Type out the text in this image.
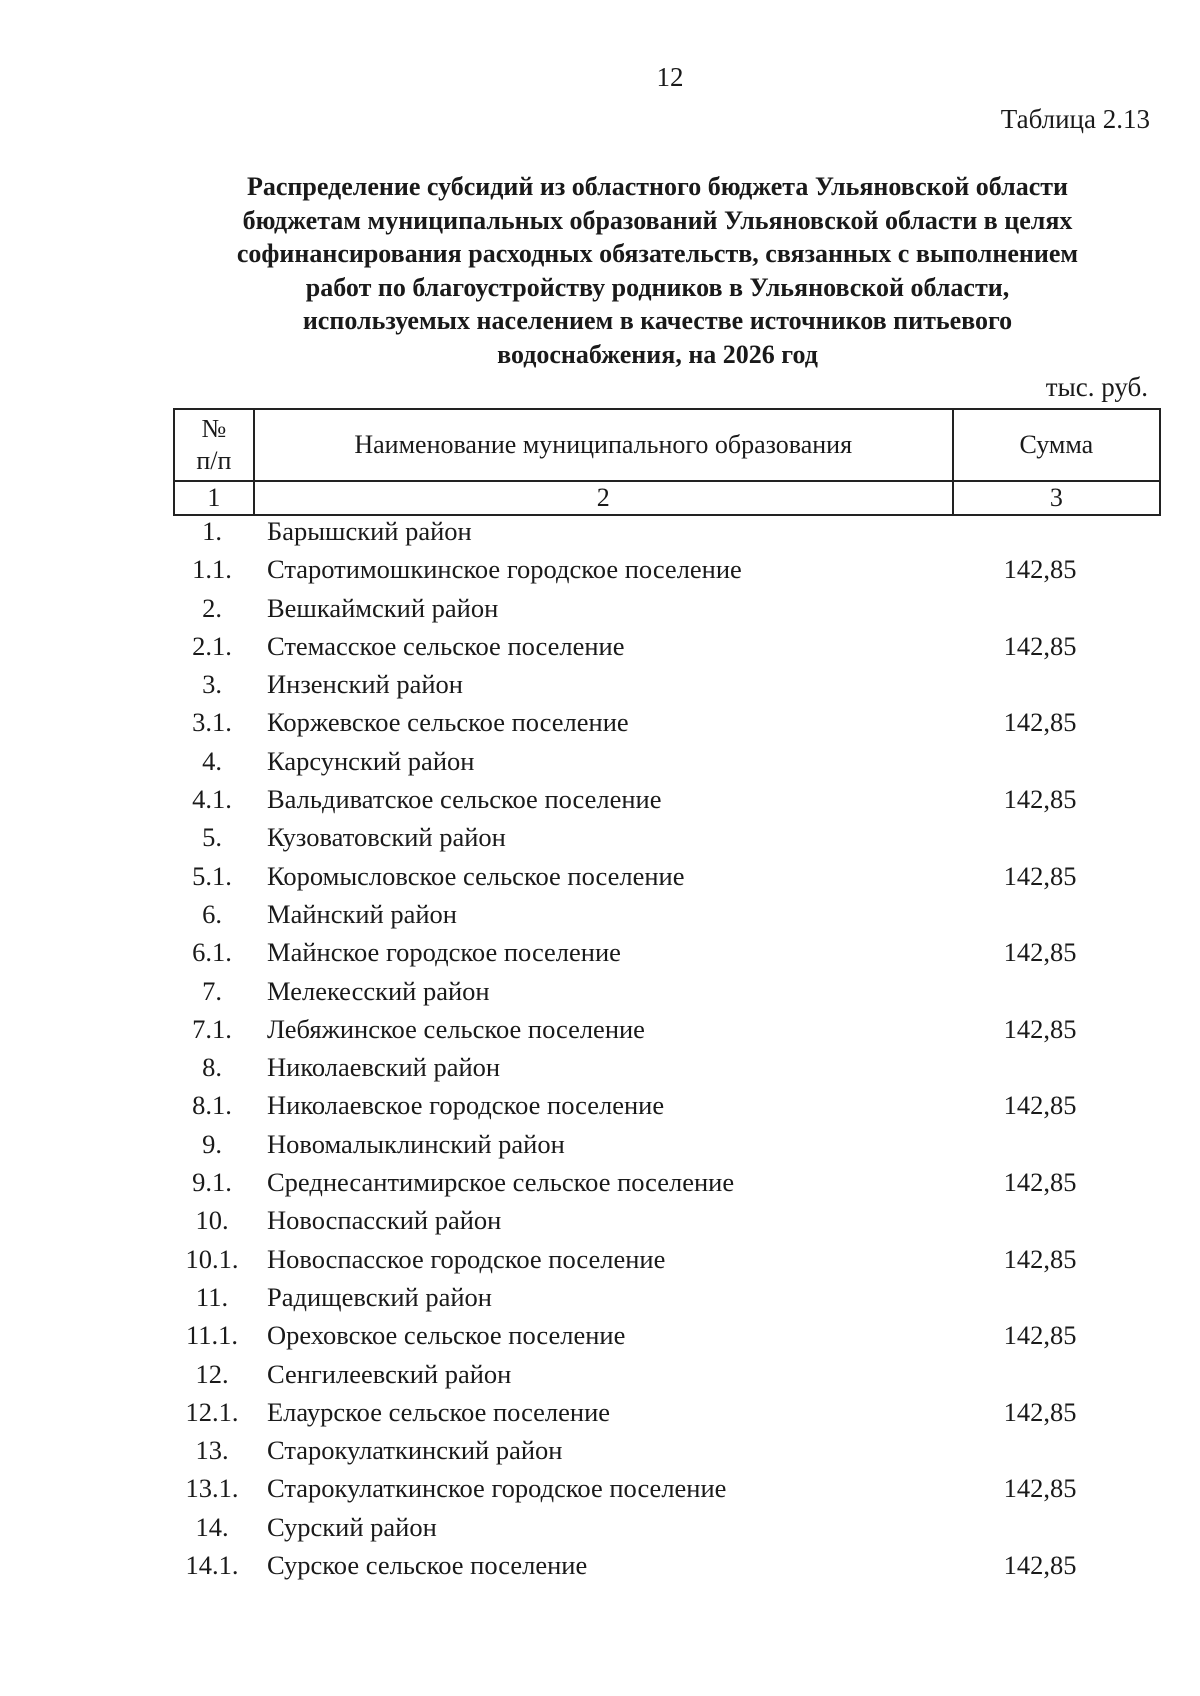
12
Таблица 2.13
Распределение субсидий из областного бюджета Ульяновской области
бюджетам муниципальных образований Ульяновской области в целях
софинансирования расходных обязательств, связанных с выполнением
работ по благоустройству родников в Ульяновской области,
используемых населением в качестве источников питьевого
водоснабжения, на 2026 год
тыс. руб.
№
п/п	Наименование муниципального образования	Сумма
1	2	3
1.	Барышский район
1.1.	Старотимошкинское городское поселение	142,85
2.	Вешкаймский район
2.1.	Стемасское сельское поселение	142,85
3.	Инзенский район
3.1.	Коржевское сельское поселение	142,85
4.	Карсунский район
4.1.	Вальдиватское сельское поселение	142,85
5.	Кузоватовский район
5.1.	Коромысловское сельское поселение	142,85
6.	Майнский район
6.1.	Майнское городское поселение	142,85
7.	Мелекесский район
7.1.	Лебяжинское сельское поселение	142,85
8.	Николаевский район
8.1.	Николаевское городское поселение	142,85
9.	Новомалыклинский район
9.1.	Среднесантимирское сельское поселение	142,85
10.	Новоспасский район
10.1.	Новоспасское городское поселение	142,85
11.	Радищевский район
11.1.	Ореховское сельское поселение	142,85
12.	Сенгилеевский район
12.1.	Елаурское сельское поселение	142,85
13.	Старокулаткинский район
13.1.	Старокулаткинское городское поселение	142,85
14.	Сурский район
14.1.	Сурское сельское поселение	142,85
